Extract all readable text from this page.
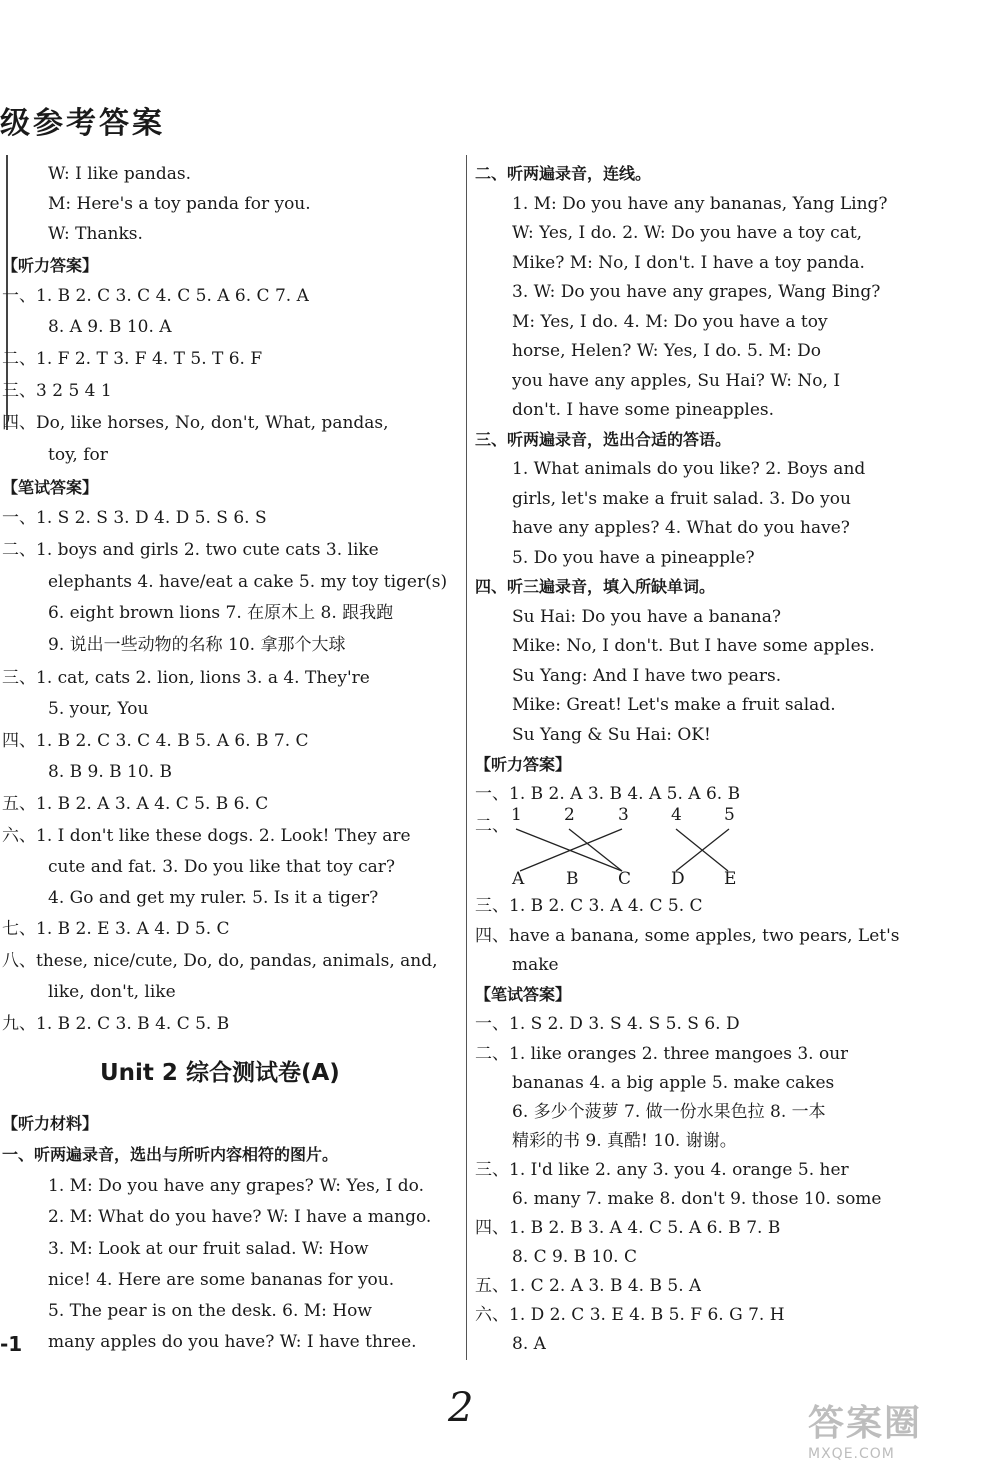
级参考答案
W: I like pandas.
M: Here's a toy panda for you.
W: Thanks.
【听力答案】
一、1. B 2. C 3. C 4. C 5. A 6. C 7. A
8. A 9. B 10. A
二、1. F 2. T 3. F 4. T 5. T 6. F
三、3 2 5 4 1
四、Do, like horses, No, don't, What, pandas,
toy, for
【笔试答案】
一、1. S 2. S 3. D 4. D 5. S 6. S
二、1. boys and girls 2. two cute cats 3. like
elephants 4. have/eat a cake 5. my toy tiger(s)
6. eight brown lions 7. 在原木上 8. 跟我跑
9. 说出一些动物的名称 10. 拿那个大球
三、1. cat, cats 2. lion, lions 3. a 4. They're
5. your, You
四、1. B 2. C 3. C 4. B 5. A 6. B 7. C
8. B 9. B 10. B
五、1. B 2. A 3. A 4. C 5. B 6. C
六、1. I don't like these dogs. 2. Look! They are
cute and fat. 3. Do you like that toy car?
4. Go and get my ruler. 5. Is it a tiger?
七、1. B 2. E 3. A 4. D 5. C
八、these, nice/cute, Do, do, pandas, animals, and,
like, don't, like
九、1. B 2. C 3. B 4. C 5. B
【听力材料】
一、听两遍录音，选出与所听内容相符的图片。
1. M: Do you have any grapes? W: Yes, I do.
2. M: What do you have? W: I have a mango.
3. M: Look at our fruit salad. W: How
nice! 4. Here are some bananas for you.
5. The pear is on the desk. 6. M: How
many apples do you have? W: I have three.
Unit 2 综合测试卷(A)
二、听两遍录音，连线。
1. M: Do you have any bananas, Yang Ling?
W: Yes, I do. 2. W: Do you have a toy cat,
Mike? M: No, I don't. I have a toy panda.
3. W: Do you have any grapes, Wang Bing?
M: Yes, I do. 4. M: Do you have a toy
horse, Helen? W: Yes, I do. 5. M: Do
you have any apples, Su Hai? W: No, I
don't. I have some pineapples.
三、听两遍录音，选出合适的答语。
1. What animals do you like? 2. Boys and
girls, let's make a fruit salad. 3. Do you
have any apples? 4. What do you have?
5. Do you have a pineapple?
四、听三遍录音，填入所缺单词。
Su Hai: Do you have a banana?
Mike: No, I don't. But I have some apples.
Su Yang: And I have two pears.
Mike: Great! Let's make a fruit salad.
Su Yang & Su Hai: OK!
【听力答案】
一、1. B 2. A 3. B 4. A 5. A 6. B
三、1. B 2. C 3. A 4. C 5. C
四、have a banana, some apples, two pears, Let's
make
【笔试答案】
一、1. S 2. D 3. S 4. S 5. S 6. D
二、1. like oranges 2. three mangoes 3. our
bananas 4. a big apple 5. make cakes
6. 多少个菠萝 7. 做一份水果色拉 8. 一本
精彩的书 9. 真酷! 10. 谢谢。
三、1. I'd like 2. any 3. you 4. orange 5. her
6. many 7. make 8. don't 9. those 10. some
四、1. B 2. B 3. A 4. C 5. A 6. B 7. B
8. C 9. B 10. C
五、1. C 2. A 3. B 4. B 5. A
六、1. D 2. C 3. E 4. B 5. F 6. G 7. H
8. A
二、
1 2	3 4 5
A B C D E
-1
2	答案圈
MXQE.COM
